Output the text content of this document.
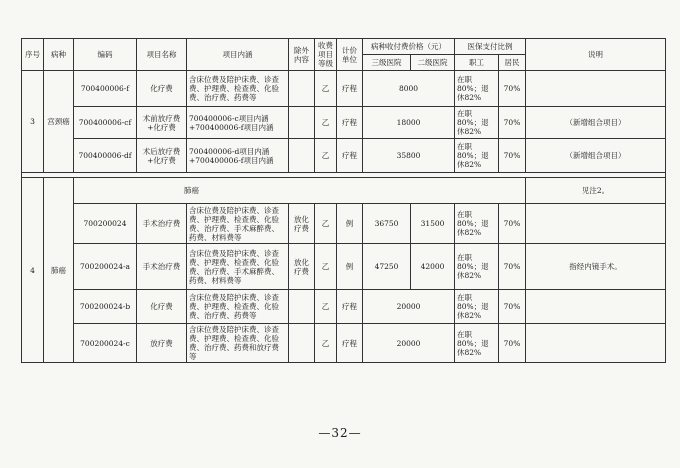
序号	病种	编码	项目名称	项目内涵	除外内容	收费项目等级	计价单位	病种收付费价格（元）		医保支付比例		说明
								三级医院	二级医院	职工	居民	
3	宫颈癌	700400006-f	化疗费	含床位费及陪护床费、诊查费、护理费、检查费、化验费、治疗费、药费等		乙	疗程	8000		在职80%；退休82%	70%	
		700400006-cf	术前放疗费+化疗费	700400006-c项目内涵+700400006-f项目内涵		乙	疗程	18000		在职80%；退休82%	70%	（新增组合项目）
		700400006-df	术后放疗费+化疗费	700400006-d项目内涵+700400006-f项目内涵		乙	疗程	35800		在职80%；退休82%	70%	（新增组合项目）

4	肺癌	肺癌										见注2。
		700200024	手术治疗费	含床位费及陪护床费、诊查费、护理费、检查费、化验费、治疗费、手术麻醉费、药费、材料费等	放化疗费	乙	例	36750	31500	在职80%；退休82%	70%	
		700200024-a	手术治疗费	含床位费及陪护床费、诊查费、护理费、检查费、化验费、治疗费、手术麻醉费、药费、材料费等	放化疗费	乙	例	47250	42000	在职80%；退休82%	70%	指经内镜手术。
		700200024-b	化疗费	含床位费及陪护床费、诊查费、护理费、检查费、化验费、治疗费、药费等		乙	疗程	20000		在职80%；退休82%	70%	
		700200024-c	放疗费	含床位费及陪护床费、诊查费、护理费、检查费、化验费、治疗费、药费和放疗费等		乙	疗程	20000		在职80%；退休82%	70%	
—32—
